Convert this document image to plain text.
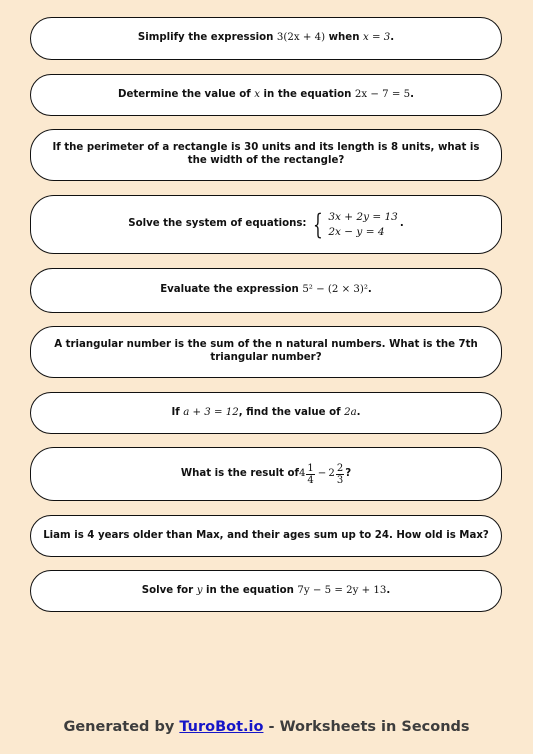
Simplify the expression 3(2x + 4) when x = 3.
Determine the value of x in the equation 2x − 7 = 5.
If the perimeter of a rectangle is 30 units and its length is 8 units, what is the width of the rectangle?
Solve the system of equations: { 3x + 2y = 13
2x − y = 4
.
Evaluate the expression 5² − (2 × 3)².
A triangular number is the sum of the n natural numbers. What is the 7th triangular number?
If a + 3 = 12, find the value of 2a.
What is the result of $4 \frac{1}{4} - 2 \frac{2}{3}$ ?
Liam is 4 years older than Max, and their ages sum up to 24. How old is Max?
Solve for y in the equation 7y − 5 = 2y + 13.
Generated by TuroBot.io - Worksheets in Seconds
